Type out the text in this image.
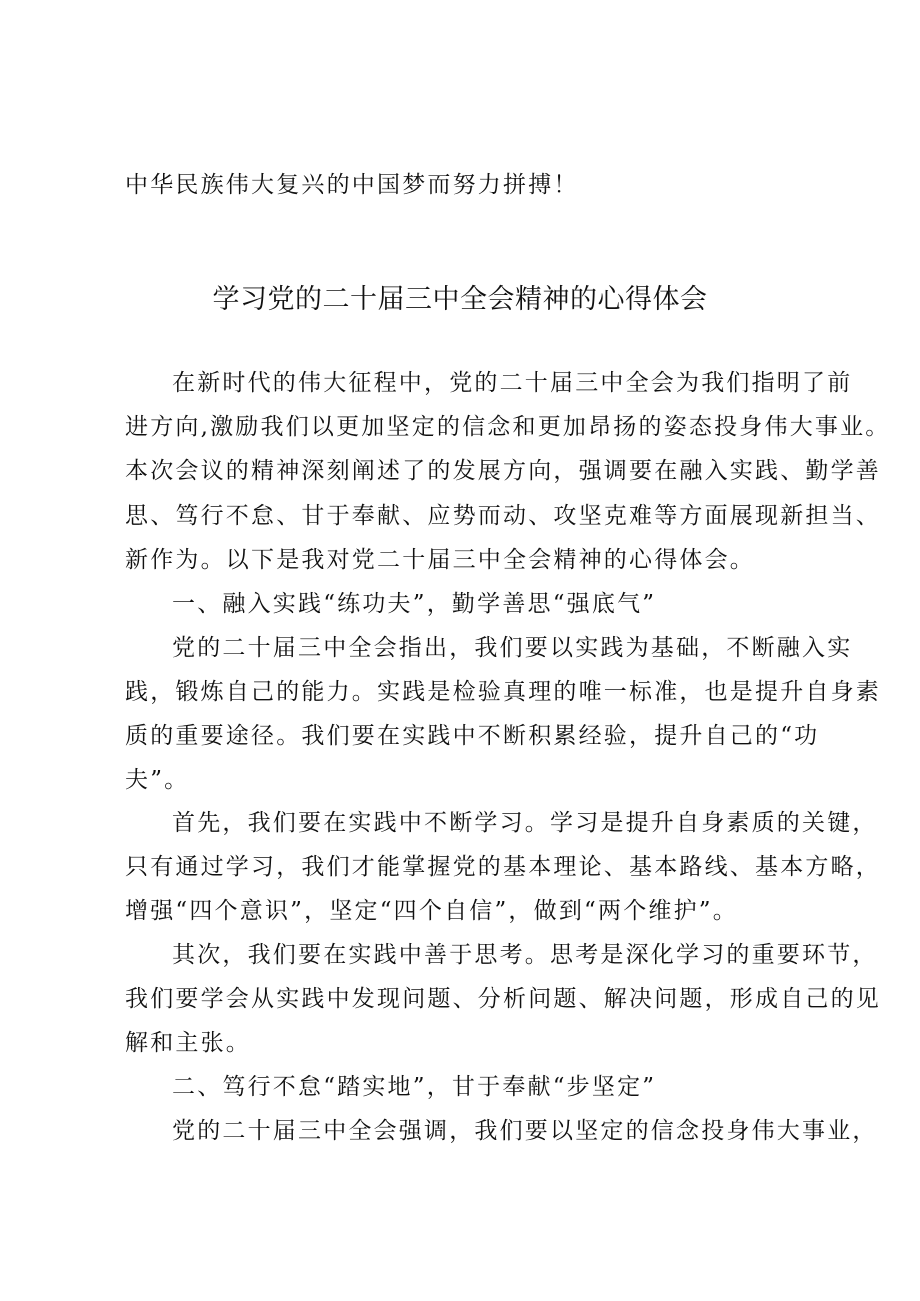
中华民族伟大复兴的中国梦而努力拼搏！
学习党的二十届三中全会精神的心得体会
在新时代的伟大征程中，党的二十届三中全会为我们指明了前
进方向,激励我们以更加坚定的信念和更加昂扬的姿态投身伟大事业。
本次会议的精神深刻阐述了的发展方向，强调要在融入实践、勤学善
思、笃行不怠、甘于奉献、应势而动、攻坚克难等方面展现新担当、
新作为。以下是我对党二十届三中全会精神的心得体会。
一、融入实践“练功夫”，勤学善思“强底气”
党的二十届三中全会指出，我们要以实践为基础，不断融入实
践，锻炼自己的能力。实践是检验真理的唯一标准，也是提升自身素
质的重要途径。我们要在实践中不断积累经验，提升自己的“功
夫”。
首先，我们要在实践中不断学习。学习是提升自身素质的关键，
只有通过学习，我们才能掌握党的基本理论、基本路线、基本方略，
增强“四个意识”，坚定“四个自信”，做到“两个维护”。
其次，我们要在实践中善于思考。思考是深化学习的重要环节，
我们要学会从实践中发现问题、分析问题、解决问题，形成自己的见
解和主张。
二、笃行不怠“踏实地”，甘于奉献“步坚定”
党的二十届三中全会强调，我们要以坚定的信念投身伟大事业，
